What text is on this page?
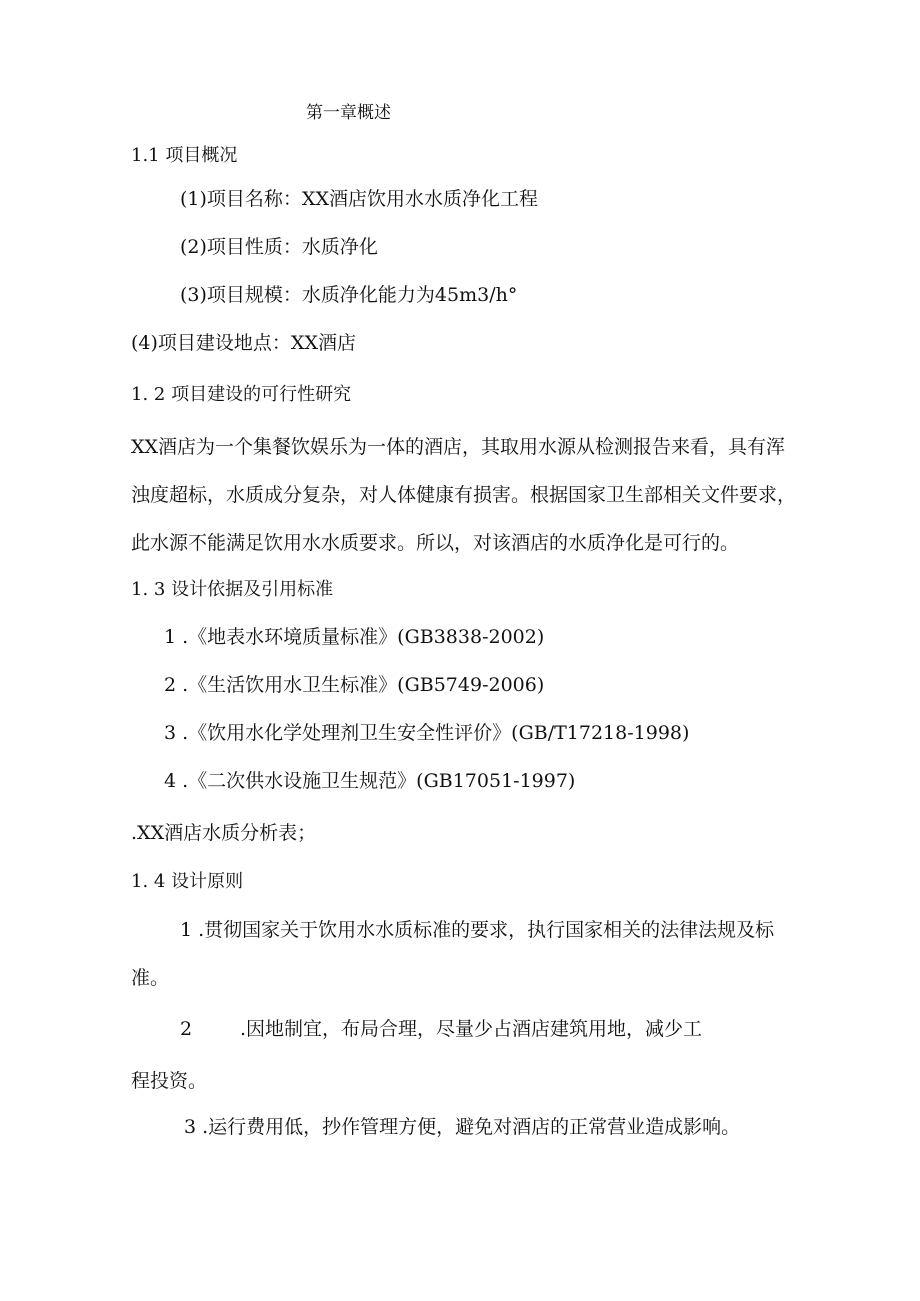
第一章概述
1.1 项目概况
(1)项目名称：XX酒店饮用水水质净化工程
(2)项目性质：水质净化
(3)项目规模：水质净化能力为45m3∕h°
(4)项目建设地点：XX酒店
1. 2 项目建设的可行性研究
XX酒店为一个集餐饮娱乐为一体的酒店，其取用水源从检测报告来看，具有浑
浊度超标，水质成分复杂，对人体健康有损害。根据国家卫生部相关文件要求，
此水源不能满足饮用水水质要求。所以，对该酒店的水质净化是可行的。
1. 3 设计依据及引用标准
1 .《地表水环境质量标准》(GB3838-2002)
2 .《生活饮用水卫生标准》(GB5749-2006)
3 .《饮用水化学处理剂卫生安全性评价》(GB/T17218-1998)
4 .《二次供水设施卫生规范》(GB17051-1997)
.XX酒店水质分析表；
1. 4 设计原则
1 .贯彻国家关于饮用水水质标准的要求，执行国家相关的法律法规及标
准。
2	.因地制宜，布局合理，尽量少占酒店建筑用地，减少工
程投资。
3 .运行费用低，抄作管理方便，避免对酒店的正常营业造成影响。
